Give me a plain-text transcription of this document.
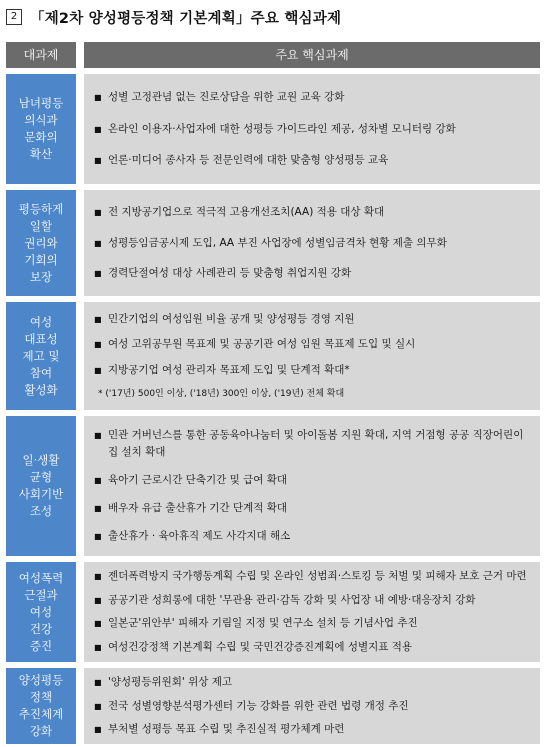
2 「제2차 양성평등정책 기본계획」주요 핵심과제
대과제	주요 핵심과제
남녀평등
의식과
문화의
확산
■ 성별 고정관념 없는 진로상담을 위한 교원 교육 강화
■ 온라인 이용자·사업자에 대한 성평등 가이드라인 제공, 성차별 모니터링 강화
■ 언론·미디어 종사자 등 전문인력에 대한 맞춤형 양성평등 교육
평등하게
일할
권리와
기회의
보장
■ 전 지방공기업으로 적극적 고용개선조치(AA) 적용 대상 확대
■ 성평등임금공시제 도입, AA 부진 사업장에 성별임금격차 현황 제출 의무화
■ 경력단절여성 대상 사례관리 등 맞춤형 취업지원 강화
여성
대표성
제고 및
참여
활성화
■ 민간기업의 여성임원 비율 공개 및 양성평등 경영 지원
■ 여성 고위공무원 목표제 및 공공기관 여성 임원 목표제 도입 및 실시
■ 지방공기업 여성 관리자 목표제 도입 및 단계적 확대*
* ('17년) 500인 이상, ('18년) 300인 이상, ('19년) 전체 확대
일·생활
균형
사회기반
조성
■ 민관 거버넌스를 통한 공동육아나눔터 및 아이돌봄 지원 확대, 지역 거점형 공공 직장어린이집 설치 확대
■ 육아기 근로시간 단축기간 및 급여 확대
■ 배우자 유급 출산휴가 기간 단계적 확대
■ 출산휴가 · 육아휴직 제도 사각지대 해소
여성폭력
근절과
여성
건강
증진
■ 젠더폭력방지 국가행동계획 수립 및 온라인 성범죄·스토킹 등 처벌 및 피해자 보호 근거 마련
■ 공공기관 성희롱에 대한 '무관용 관리·감독 강화 및 사업장 내 예방·대응장치 강화
■ 일본군'위안부' 피해자 기림일 지정 및 연구소 설치 등 기념사업 추진
■ 여성건강정책 기본계획 수립 및 국민건강증진계획에 성별지표 적용
양성평등
정책
추진체계
강화
■ '양성평등위원회' 위상 제고
■ 전국 성별영향분석평가센터 기능 강화를 위한 관련 법령 개정 추진
■ 부처별 성평등 목표 수립 및 추진실적 평가체계 마련
